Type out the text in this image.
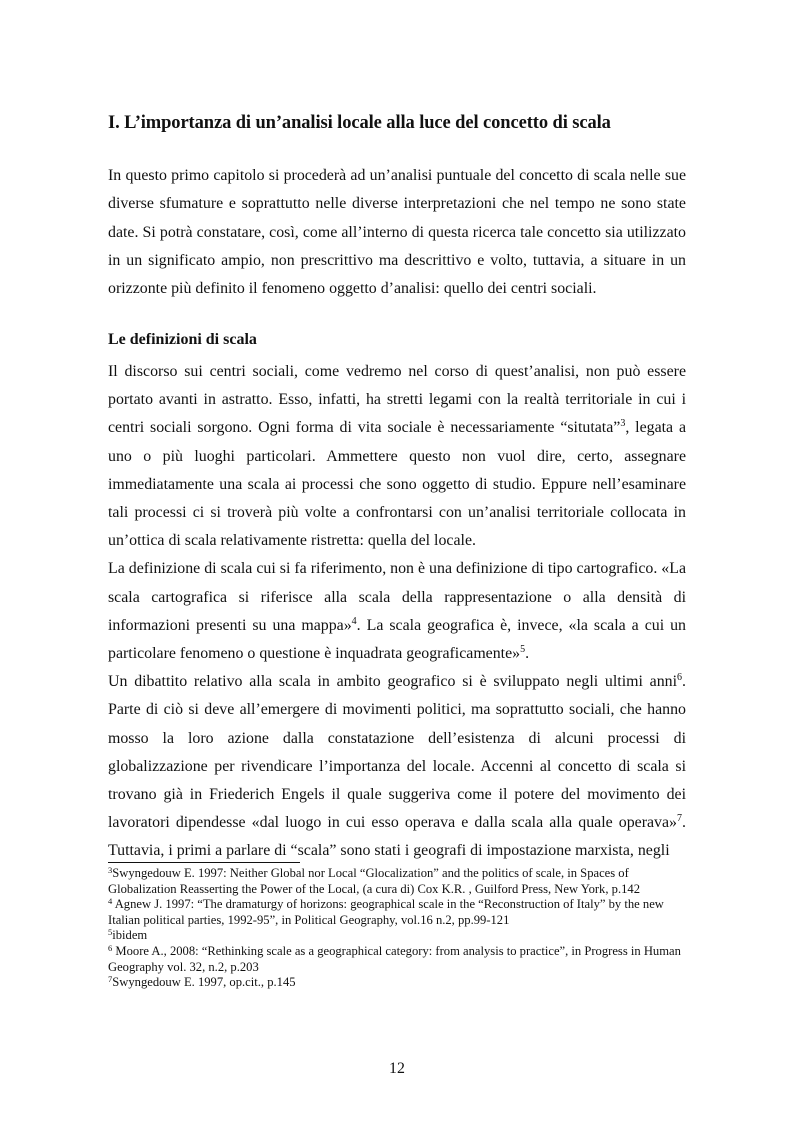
I. L’importanza di un’analisi locale alla luce del concetto di scala

In questo primo capitolo si procederà ad un’analisi puntuale del concetto di scala nelle sue diverse sfumature e soprattutto nelle diverse interpretazioni che nel tempo ne sono state date. Si potrà constatare, così, come all’interno di questa ricerca tale concetto sia utilizzato in un significato ampio, non prescrittivo ma descrittivo e volto, tuttavia, a situare in un orizzonte più definito il fenomeno oggetto d’analisi: quello dei centri sociali.

Le definizioni di scala

Il discorso sui centri sociali, come vedremo nel corso di quest’analisi, non può essere portato avanti in astratto. Esso, infatti, ha stretti legami con la realtà territoriale in cui i centri sociali sorgono. Ogni forma di vita sociale è necessariamente “situtata”$^3$, legata a uno o più luoghi particolari. Ammettere questo non vuol dire, certo, assegnare immediatamente una scala ai processi che sono oggetto di studio. Eppure nell’esaminare tali processi ci si troverà più volte a confrontarsi con un’analisi territoriale collocata in un’ottica di scala relativamente ristretta: quella del locale.

La definizione di scala cui si fa riferimento, non è una definizione di tipo cartografico. «La scala cartografica si riferisce alla scala della rappresentazione o alla densità di informazioni presenti su una mappa»$^4$. La scala geografica è, invece, «la scala a cui un particolare fenomeno o questione è inquadrata geograficamente»$^5$.

Un dibattito relativo alla scala in ambito geografico si è sviluppato negli ultimi anni$^6$. Parte di ciò si deve all’emergere di movimenti politici, ma soprattutto sociali, che hanno mosso la loro azione dalla constatazione dell’esistenza di alcuni processi di globalizzazione per rivendicare l’importanza del locale. Accenni al concetto di scala si trovano già in Friederich Engels il quale suggeriva come il potere del movimento dei lavoratori dipendesse «dal luogo in cui esso operava e dalla scala alla quale operava»$^7$. Tuttavia, i primi a parlare di “scala” sono stati i geografi di impostazione marxista, negli

$^3$Swyngedouw E. 1997: Neither Global nor Local “Glocalization” and the politics of scale, in Spaces of Globalization Reasserting the Power of the Local, (a cura di) Cox K.R. , Guilford Press, New York, p.142

$^4$ Agnew J. 1997: “The dramaturgy of horizons: geographical scale in the “Reconstruction of Italy” by the new Italian political parties, 1992-95”, in Political Geography, vol.16 n.2, pp.99-121

$^5$ibidem

$^6$ Moore A., 2008: “Rethinking scale as a geographical category: from analysis to practice”, in Progress in Human Geography vol. 32, n.2, p.203

$^7$Swyngedouw E. 1997, op.cit., p.145

12
